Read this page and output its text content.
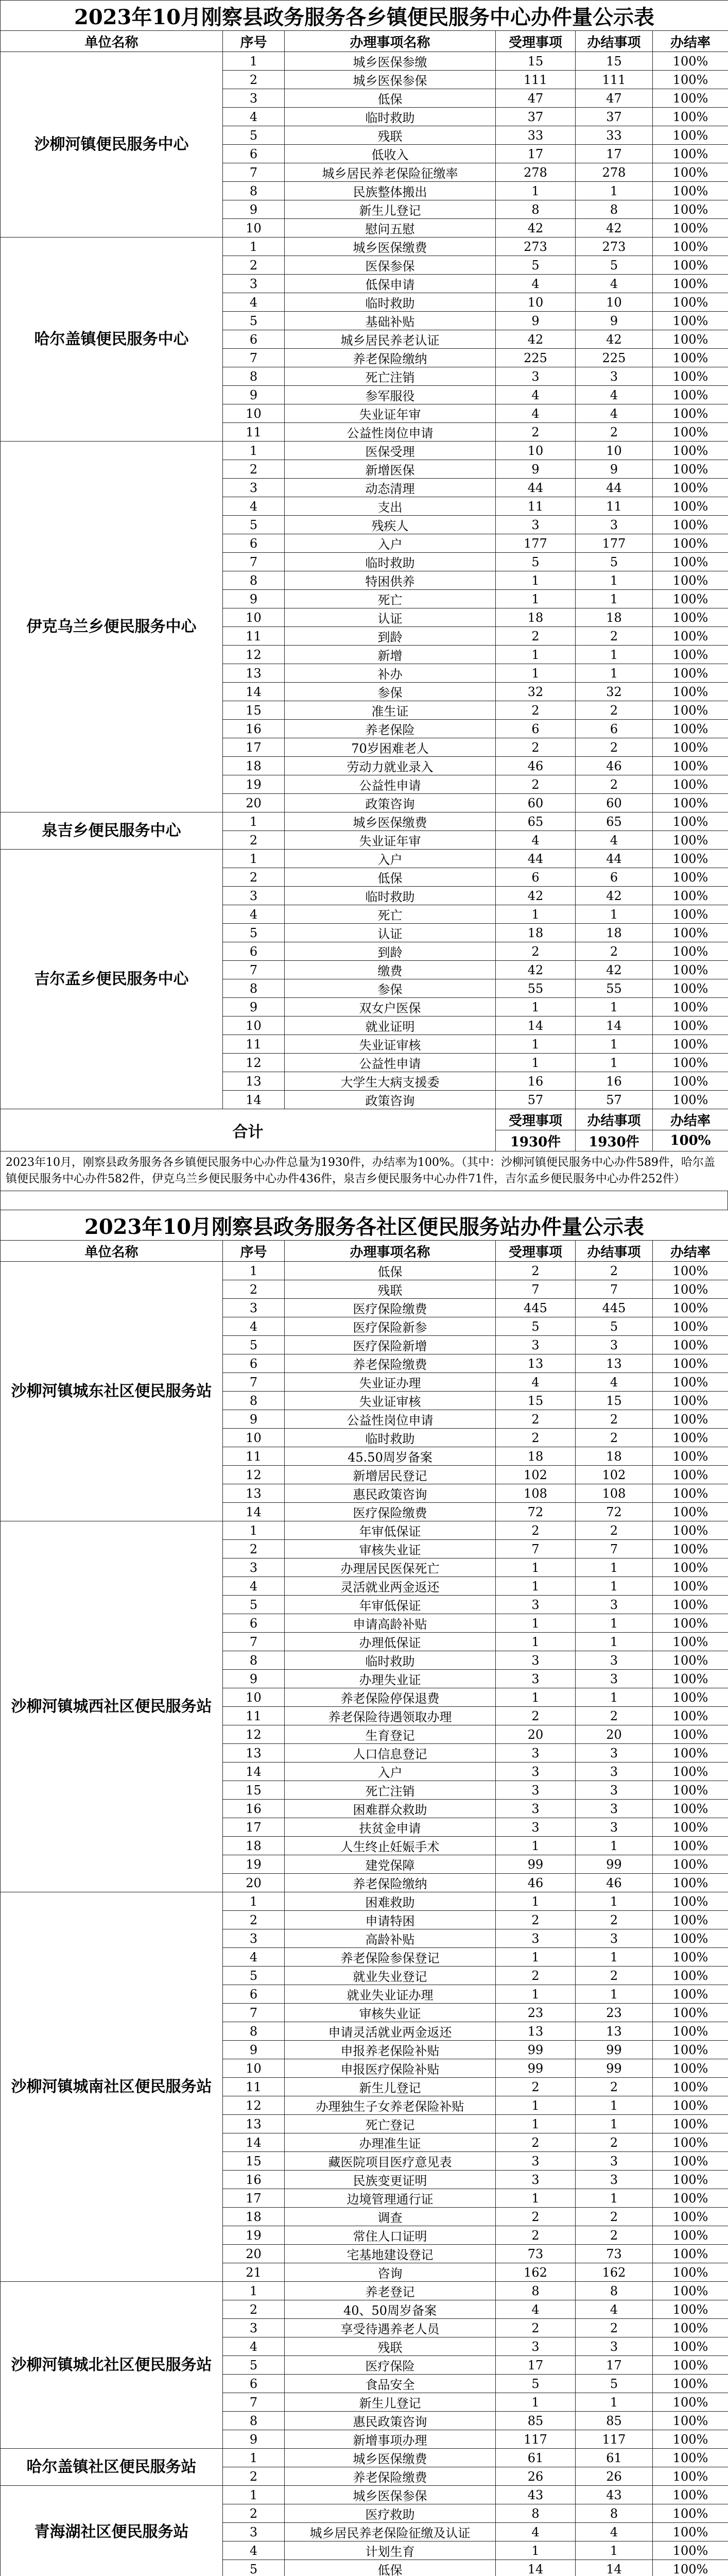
2023年10月刚察县政务服务各乡镇便民服务中心办件量公示表					
单位名称	序号	办理事项名称	受理事项	办结事项	办结率
沙柳河镇便民服务中心	1	城乡医保参缴	15	15	100%
	2	城乡医保参保	111	111	100%
	3	低保	47	47	100%
	4	临时救助	37	37	100%
	5	残联	33	33	100%
	6	低收入	17	17	100%
	7	城乡居民养老保险征缴率	278	278	100%
	8	民族整体搬出	1	1	100%
	9	新生儿登记	8	8	100%
	10	慰问五慰	42	42	100%
哈尔盖镇便民服务中心	1	城乡医保缴费	273	273	100%
	2	医保参保	5	5	100%
	3	低保申请	4	4	100%
	4	临时救助	10	10	100%
	5	基础补贴	9	9	100%
	6	城乡居民养老认证	42	42	100%
	7	养老保险缴纳	225	225	100%
	8	死亡注销	3	3	100%
	9	参军服役	4	4	100%
	10	失业证年审	4	4	100%
	11	公益性岗位申请	2	2	100%
伊克乌兰乡便民服务中心	1	医保受理	10	10	100%
	2	新增医保	9	9	100%
	3	动态清理	44	44	100%
	4	支出	11	11	100%
	5	残疾人	3	3	100%
	6	入户	177	177	100%
	7	临时救助	5	5	100%
	8	特困供养	1	1	100%
	9	死亡	1	1	100%
	10	认证	18	18	100%
	11	到龄	2	2	100%
	12	新增	1	1	100%
	13	补办	1	1	100%
	14	参保	32	32	100%
	15	准生证	2	2	100%
	16	养老保险	6	6	100%
	17	70岁困难老人	2	2	100%
	18	劳动力就业录入	46	46	100%
	19	公益性申请	2	2	100%
	20	政策咨询	60	60	100%
泉吉乡便民服务中心	1	城乡医保缴费	65	65	100%
	2	失业证年审	4	4	100%
吉尔孟乡便民服务中心	1	入户	44	44	100%
	2	低保	6	6	100%
	3	临时救助	42	42	100%
	4	死亡	1	1	100%
	5	认证	18	18	100%
	6	到龄	2	2	100%
	7	缴费	42	42	100%
	8	参保	55	55	100%
	9	双女户医保	1	1	100%
	10	就业证明	14	14	100%
	11	失业证审核	1	1	100%
	12	公益性申请	1	1	100%
	13	大学生大病支援委	16	16	100%
	14	政策咨询	57	57	100%
合计			受理事项	办结事项	办结率
			1930件	1930件	100%
2023年10月，刚察县政务服务各乡镇便民服务中心办件总量为1930件，办结率为100%。（其中：沙柳河镇便民服务中心办件589件，哈尔盖镇便民服务中心办件582件，伊克乌兰乡便民服务中心办件436件，泉吉乡便民服务中心办件71件，吉尔孟乡便民服务中心办件252件）					
2023年10月刚察县政务服务各社区便民服务站办件量公示表					
单位名称	序号	办理事项名称	受理事项	办结事项	办结率
沙柳河镇城东社区便民服务站	1	低保	2	2	100%
	2	残联	7	7	100%
	3	医疗保险缴费	445	445	100%
	4	医疗保险新参	5	5	100%
	5	医疗保险新增	3	3	100%
	6	养老保险缴费	13	13	100%
	7	失业证办理	4	4	100%
	8	失业证审核	15	15	100%
	9	公益性岗位申请	2	2	100%
	10	临时救助	2	2	100%
	11	45.50周岁备案	18	18	100%
	12	新增居民登记	102	102	100%
	13	惠民政策咨询	108	108	100%
	14	医疗保险缴费	72	72	100%
沙柳河镇城西社区便民服务站	1	年审低保证	2	2	100%
	2	审核失业证	7	7	100%
	3	办理居民医保死亡	1	1	100%
	4	灵活就业两金返还	1	1	100%
	5	年审低保证	3	3	100%
	6	申请高龄补贴	1	1	100%
	7	办理低保证	1	1	100%
	8	临时救助	3	3	100%
	9	办理失业证	3	3	100%
	10	养老保险停保退费	1	1	100%
	11	养老保险待遇领取办理	2	2	100%
	12	生育登记	20	20	100%
	13	人口信息登记	3	3	100%
	14	入户	3	3	100%
	15	死亡注销	3	3	100%
	16	困难群众救助	3	3	100%
	17	扶贫金申请	3	3	100%
	18	人生终止妊娠手术	1	1	100%
	19	建党保障	99	99	100%
	20	养老保险缴纳	46	46	100%
沙柳河镇城南社区便民服务站	1	困难救助	1	1	100%
	2	申请特困	2	2	100%
	3	高龄补贴	3	3	100%
	4	养老保险参保登记	1	1	100%
	5	就业失业登记	2	2	100%
	6	就业失业证办理	1	1	100%
	7	审核失业证	23	23	100%
	8	申请灵活就业两金返还	13	13	100%
	9	申报养老保险补贴	99	99	100%
	10	申报医疗保险补贴	99	99	100%
	11	新生儿登记	2	2	100%
	12	办理独生子女养老保险补贴	1	1	100%
	13	死亡登记	1	1	100%
	14	办理准生证	2	2	100%
	15	藏医院项目医疗意见表	3	3	100%
	16	民族变更证明	3	3	100%
	17	边境管理通行证	1	1	100%
	18	调查	2	2	100%
	19	常住人口证明	2	2	100%
	20	宅基地建设登记	73	73	100%
	21	咨询	162	162	100%
沙柳河镇城北社区便民服务站	1	养老登记	8	8	100%
	2	40、50周岁备案	4	4	100%
	3	享受待遇养老人员	2	2	100%
	4	残联	3	3	100%
	5	医疗保险	17	17	100%
	6	食品安全	5	5	100%
	7	新生儿登记	1	1	100%
	8	惠民政策咨询	85	85	100%
	9	新增事项办理	117	117	100%
哈尔盖镇社区便民服务站	1	城乡医保缴费	61	61	100%
	2	养老保险缴费	26	26	100%
青海湖社区便民服务站	1	城乡医保参保	43	43	100%
	2	医疗救助	8	8	100%
	3	城乡居民养老保险征缴及认证	4	4	100%
	4	计划生育	1	1	100%
	5	低保	14	14	100%
